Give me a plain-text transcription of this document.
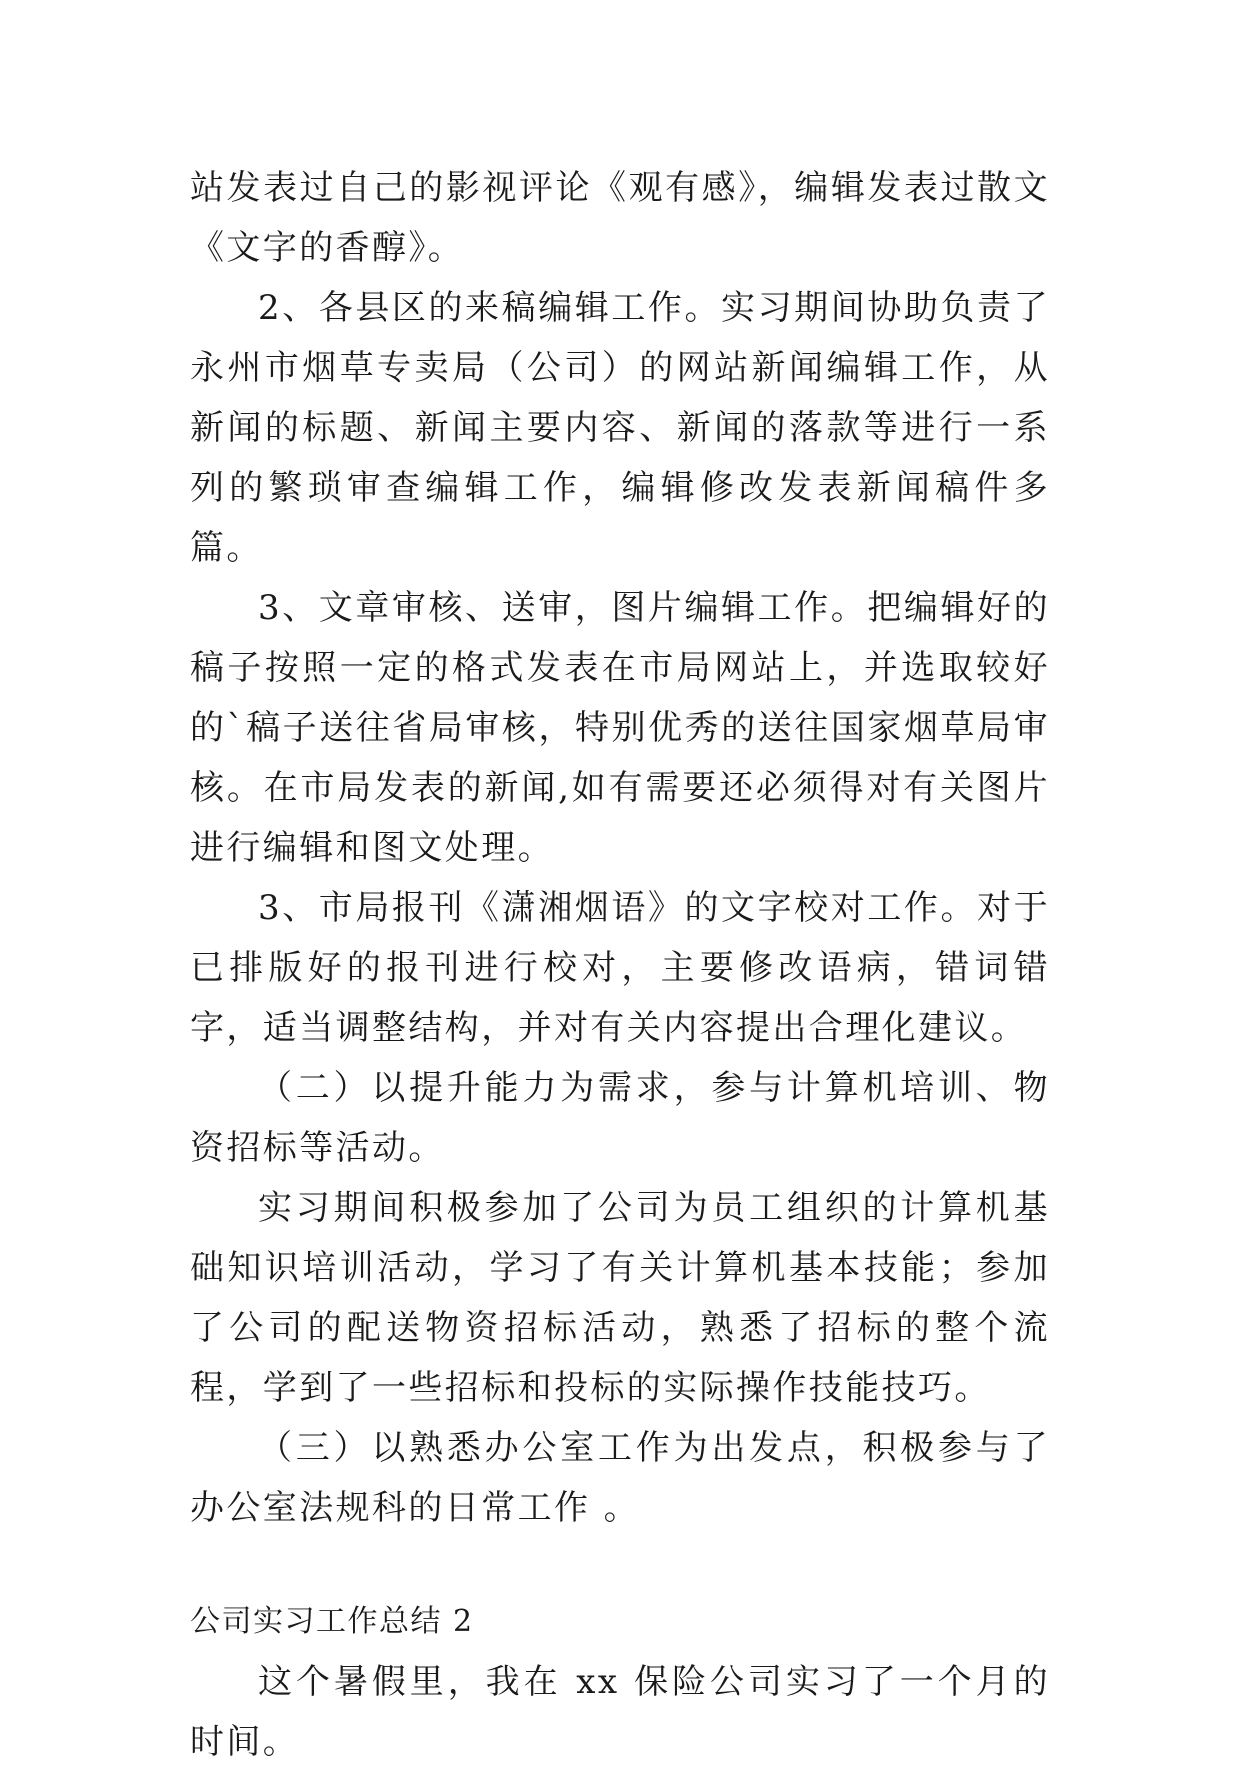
站发表过自己的影视评论《观有感》，编辑发表过散文《文字的香醇》。

2、各县区的来稿编辑工作。实习期间协助负责了永州市烟草专卖局（公司）的网站新闻编辑工作，从新闻的标题、新闻主要内容、新闻的落款等进行一系列的繁琐审查编辑工作，编辑修改发表新闻稿件多篇。

3、文章审核、送审，图片编辑工作。把编辑好的稿子按照一定的格式发表在市局网站上，并选取较好的`稿子送往省局审核，特别优秀的送往国家烟草局审核。在市局发表的新闻,如有需要还必须得对有关图片进行编辑和图文处理。

3、市局报刊《潇湘烟语》的文字校对工作。对于已排版好的报刊进行校对，主要修改语病，错词错字，适当调整结构，并对有关内容提出合理化建议。

（二）以提升能力为需求，参与计算机培训、物资招标等活动。

实习期间积极参加了公司为员工组织的计算机基础知识培训活动，学习了有关计算机基本技能；参加了公司的配送物资招标活动，熟悉了招标的整个流程，学到了一些招标和投标的实际操作技能技巧。

（三）以熟悉办公室工作为出发点，积极参与了办公室法规科的日常工作 。

公司实习工作总结 2

这个暑假里，我在 xx 保险公司实习了一个月的时间。
